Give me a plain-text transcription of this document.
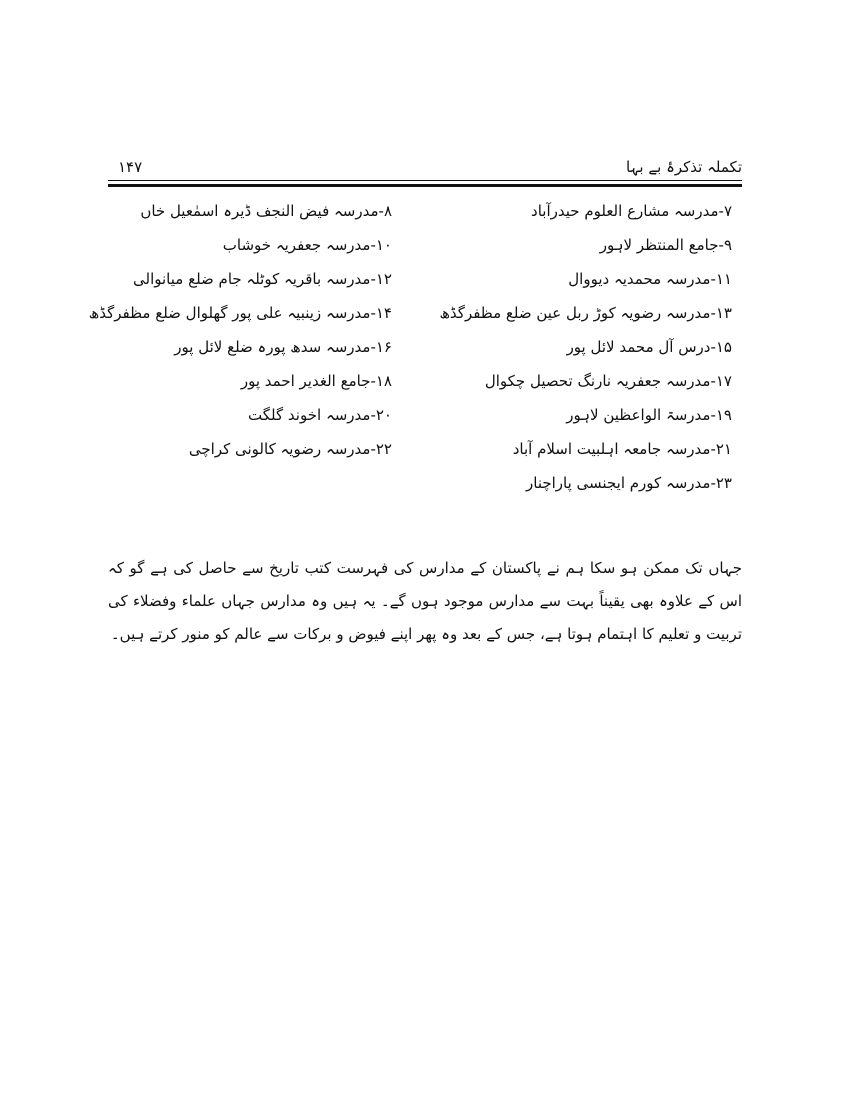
تکملہ تذکرۂ بے بہا
۱۴۷
۷-مدرسہ مشارع العلوم حیدرآباد
۸-مدرسہ فیض النجف ڈیرہ اسمٰعیل خاں
۹-جامع المنتظر لاہور
۱۰-مدرسہ جعفریہ خوشاب
۱۱-مدرسہ محمدیہ دیووال
۱۲-مدرسہ باقریہ کوٹلہ جام ضلع میانوالی
۱۳-مدرسہ رضویہ کوڑ ربل عین ضلع مظفرگڈھ
۱۴-مدرسہ زینبیہ علی پور گھلوال ضلع مظفرگڈھ
۱۵-درس آل محمد لائل پور
۱۶-مدرسہ سدھ پورہ ضلع لائل پور
۱۷-مدرسہ جعفریہ نارنگ تحصیل چکوال
۱۸-جامع الغدیر احمد پور
۱۹-مدرسۃ الواعظین لاہور
۲۰-مدرسہ اخوند گلگت
۲۱-مدرسہ جامعہ اہلبیت اسلام آباد
۲۲-مدرسہ رضویہ کالونی کراچی
۲۳-مدرسہ کورم ایجنسی پاراچنار

جہاں تک ممکن ہو سکا ہم نے پاکستان کے مدارس کی فہرست کتب تاریخ سے حاصل کی ہے گو کہ اس کے علاوہ بھی یقیناً بہت سے مدارس موجود ہوں گے۔ یہ ہیں وہ مدارس جہاں علماء وفضلاء کی تربیت و تعلیم کا اہتمام ہوتا ہے، جس کے بعد وہ پھر اپنے فیوض و برکات سے عالم کو منور کرتے ہیں۔
